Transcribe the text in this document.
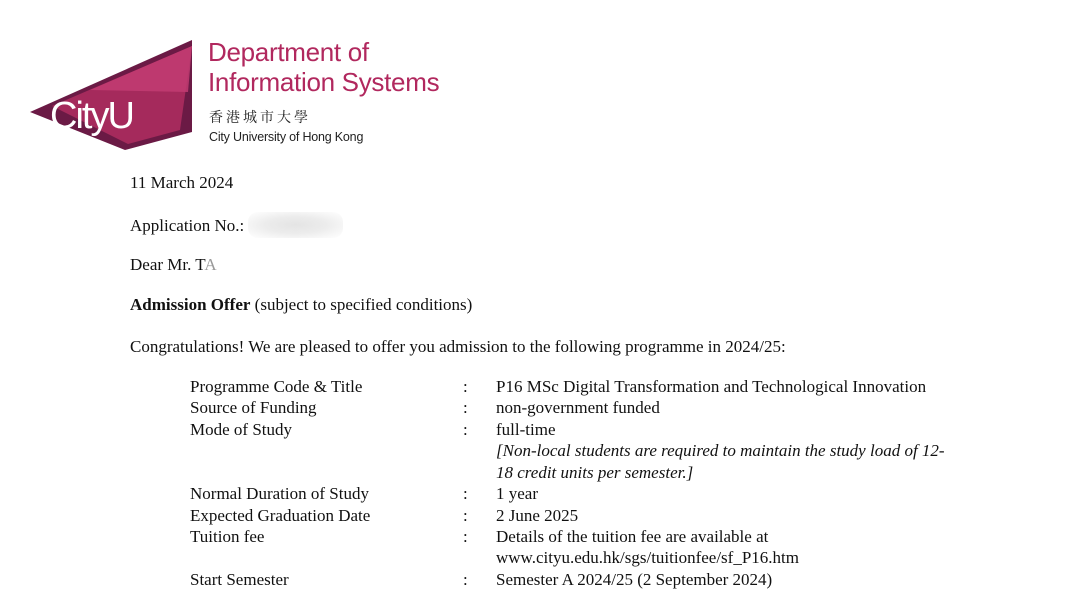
CityU
Department of
Information Systems
香港城市大學
City University of Hong Kong
11 March 2024
Application No.:
Dear Mr. TA
Admission Offer (subject to specified conditions)
Congratulations! We are pleased to offer you admission to the following programme in 2024/25:
Programme Code & Title	: P16 MSc Digital Transformation and Technological Innovation
Source of Funding	: non-government funded
Mode of Study	: full-time
[Non-local students are required to maintain the study load of 12-
18 credit units per semester.]
Normal Duration of Study	: 1 year
Expected Graduation Date	: 2 June 2025
Tuition fee	: Details of the tuition fee are available at
www.cityu.edu.hk/sgs/tuitionfee/sf_P16.htm
Start Semester	: Semester A 2024/25 (2 September 2024)
